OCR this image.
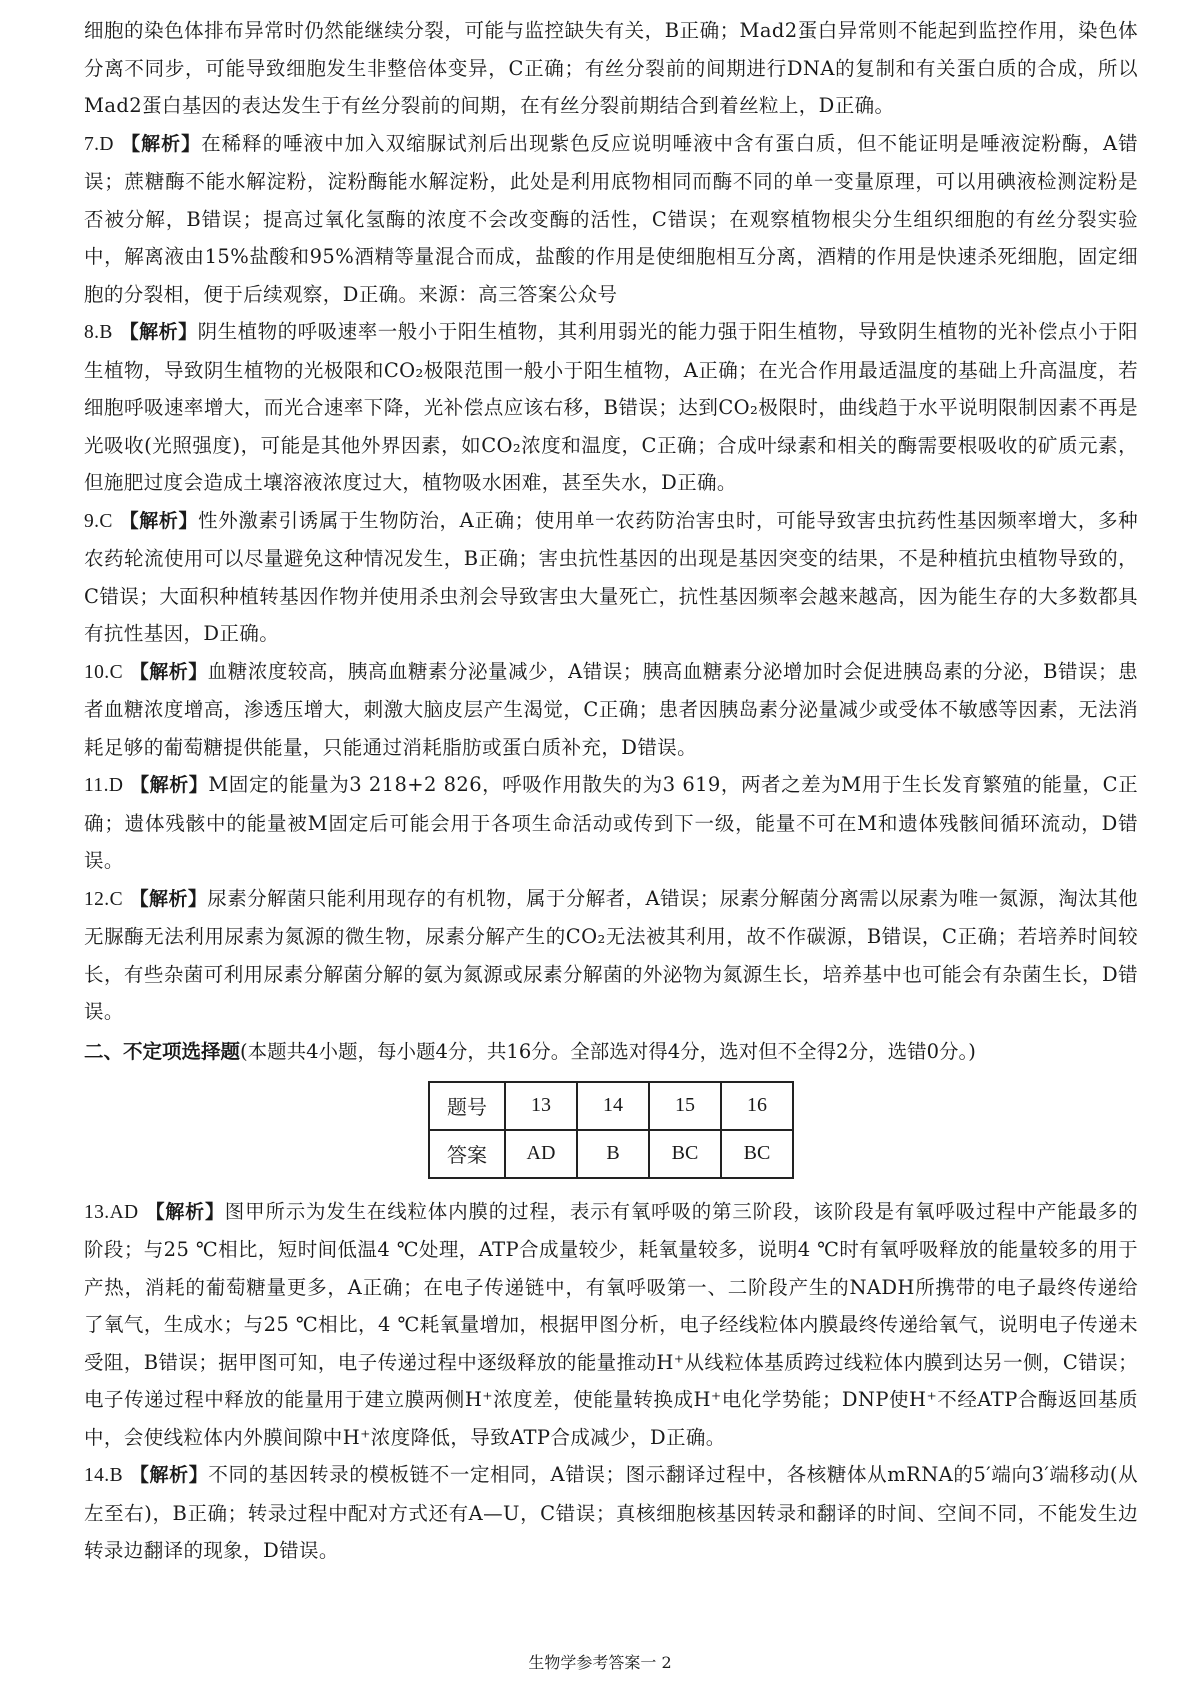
细胞的染色体排布异常时仍然能继续分裂，可能与监控缺失有关，B正确；Mad2蛋白异常则不能起到监控作用，染色体分离不同步，可能导致细胞发生非整倍体变异，C正确；有丝分裂前的间期进行DNA的复制和有关蛋白质的合成，所以Mad2蛋白基因的表达发生于有丝分裂前的间期，在有丝分裂前期结合到着丝粒上，D正确。

7.D 【解析】在稀释的唾液中加入双缩脲试剂后出现紫色反应说明唾液中含有蛋白质，但不能证明是唾液淀粉酶，A错误；蔗糖酶不能水解淀粉，淀粉酶能水解淀粉，此处是利用底物相同而酶不同的单一变量原理，可以用碘液检测淀粉是否被分解，B错误；提高过氧化氢酶的浓度不会改变酶的活性，C错误；在观察植物根尖分生组织细胞的有丝分裂实验中，解离液由15%盐酸和95%酒精等量混合而成，盐酸的作用是使细胞相互分离，酒精的作用是快速杀死细胞，固定细胞的分裂相，便于后续观察，D正确。来源：高三答案公众号

8.B 【解析】阴生植物的呼吸速率一般小于阳生植物，其利用弱光的能力强于阳生植物，导致阴生植物的光补偿点小于阳生植物，导致阴生植物的光极限和CO₂极限范围一般小于阳生植物，A正确；在光合作用最适温度的基础上升高温度，若细胞呼吸速率增大，而光合速率下降，光补偿点应该右移，B错误；达到CO₂极限时，曲线趋于水平说明限制因素不再是光吸收(光照强度)，可能是其他外界因素，如CO₂浓度和温度，C正确；合成叶绿素和相关的酶需要根吸收的矿质元素，但施肥过度会造成土壤溶液浓度过大，植物吸水困难，甚至失水，D正确。

9.C 【解析】性外激素引诱属于生物防治，A正确；使用单一农药防治害虫时，可能导致害虫抗药性基因频率增大，多种农药轮流使用可以尽量避免这种情况发生，B正确；害虫抗性基因的出现是基因突变的结果，不是种植抗虫植物导致的，C错误；大面积种植转基因作物并使用杀虫剂会导致害虫大量死亡，抗性基因频率会越来越高，因为能生存的大多数都具有抗性基因，D正确。

10.C 【解析】血糖浓度较高，胰高血糖素分泌量减少，A错误；胰高血糖素分泌增加时会促进胰岛素的分泌，B错误；患者血糖浓度增高，渗透压增大，刺激大脑皮层产生渴觉，C正确；患者因胰岛素分泌量减少或受体不敏感等因素，无法消耗足够的葡萄糖提供能量，只能通过消耗脂肪或蛋白质补充，D错误。

11.D 【解析】M固定的能量为3 218+2 826，呼吸作用散失的为3 619，两者之差为M用于生长发育繁殖的能量，C正确；遗体残骸中的能量被M固定后可能会用于各项生命活动或传到下一级，能量不可在M和遗体残骸间循环流动，D错误。

12.C 【解析】尿素分解菌只能利用现存的有机物，属于分解者，A错误；尿素分解菌分离需以尿素为唯一氮源，淘汰其他无脲酶无法利用尿素为氮源的微生物，尿素分解产生的CO₂无法被其利用，故不作碳源，B错误，C正确；若培养时间较长，有些杂菌可利用尿素分解菌分解的氨为氮源或尿素分解菌的外泌物为氮源生长，培养基中也可能会有杂菌生长，D错误。

二、不定项选择题(本题共4小题，每小题4分，共16分。全部选对得4分，选对但不全得2分，选错0分。)

题号	13	14	15	16
答案	AD	B	BC	BC

13.AD 【解析】图甲所示为发生在线粒体内膜的过程，表示有氧呼吸的第三阶段，该阶段是有氧呼吸过程中产能最多的阶段；与25 ℃相比，短时间低温4 ℃处理，ATP合成量较少，耗氧量较多，说明4 ℃时有氧呼吸释放的能量较多的用于产热，消耗的葡萄糖量更多，A正确；在电子传递链中，有氧呼吸第一、二阶段产生的NADH所携带的电子最终传递给了氧气，生成水；与25 ℃相比，4 ℃耗氧量增加，根据甲图分析，电子经线粒体内膜最终传递给氧气，说明电子传递未受阻，B错误；据甲图可知，电子传递过程中逐级释放的能量推动H⁺从线粒体基质跨过线粒体内膜到达另一侧，C错误；电子传递过程中释放的能量用于建立膜两侧H⁺浓度差，使能量转换成H⁺电化学势能；DNP使H⁺不经ATP合酶返回基质中，会使线粒体内外膜间隙中H⁺浓度降低，导致ATP合成减少，D正确。

14.B 【解析】不同的基因转录的模板链不一定相同，A错误；图示翻译过程中，各核糖体从mRNA的5′端向3′端移动(从左至右)，B正确；转录过程中配对方式还有A—U，C错误；真核细胞核基因转录和翻译的时间、空间不同，不能发生边转录边翻译的现象，D错误。

生物学参考答案一 2
